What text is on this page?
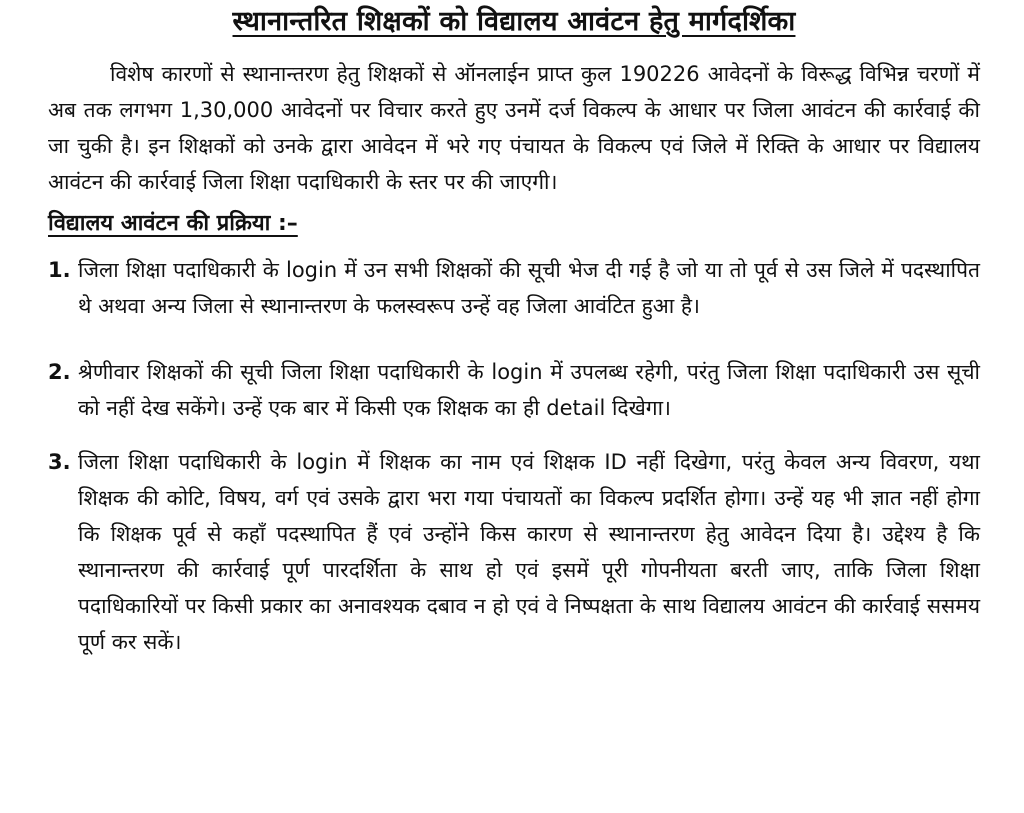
स्थानान्तरित शिक्षकों को विद्यालय आवंटन हेतु मार्गदर्शिका

विशेष कारणों से स्थानान्तरण हेतु शिक्षकों से ऑनलाईन प्राप्त कुल 190226 आवेदनों के विरूद्ध विभिन्न चरणों में अब तक लगभग 1,30,000 आवेदनों पर विचार करते हुए उनमें दर्ज विकल्प के आधार पर जिला आवंटन की कार्रवाई की जा चुकी है। इन शिक्षकों को उनके द्वारा आवेदन में भरे गए पंचायत के विकल्प एवं जिले में रिक्ति के आधार पर विद्यालय आवंटन की कार्रवाई जिला शिक्षा पदाधिकारी के स्तर पर की जाएगी।

विद्यालय आवंटन की प्रक्रिया :–
1. जिला शिक्षा पदाधिकारी के login में उन सभी शिक्षकों की सूची भेज दी गई है जो या तो पूर्व से उस जिले में पदस्थापित थे अथवा अन्य जिला से स्थानान्तरण के फलस्वरूप उन्हें वह जिला आवंटित हुआ है।
2. श्रेणीवार शिक्षकों की सूची जिला शिक्षा पदाधिकारी के login में उपलब्ध रहेगी, परंतु जिला शिक्षा पदाधिकारी उस सूची को नहीं देख सकेंगे। उन्हें एक बार में किसी एक शिक्षक का ही detail दिखेगा।
3. जिला शिक्षा पदाधिकारी के login में शिक्षक का नाम एवं शिक्षक ID नहीं दिखेगा, परंतु केवल अन्य विवरण, यथा शिक्षक की कोटि, विषय, वर्ग एवं उसके द्वारा भरा गया पंचायतों का विकल्प प्रदर्शित होगा। उन्हें यह भी ज्ञात नहीं होगा कि शिक्षक पूर्व से कहाँ पदस्थापित हैं एवं उन्होंने किस कारण से स्थानान्तरण हेतु आवेदन दिया है। उद्देश्य है कि स्थानान्तरण की कार्रवाई पूर्ण पारदर्शिता के साथ हो एवं इसमें पूरी गोपनीयता बरती जाए, ताकि जिला शिक्षा पदाधिकारियों पर किसी प्रकार का अनावश्यक दबाव न हो एवं वे निष्पक्षता के साथ विद्यालय आवंटन की कार्रवाई ससमय पूर्ण कर सकें।
